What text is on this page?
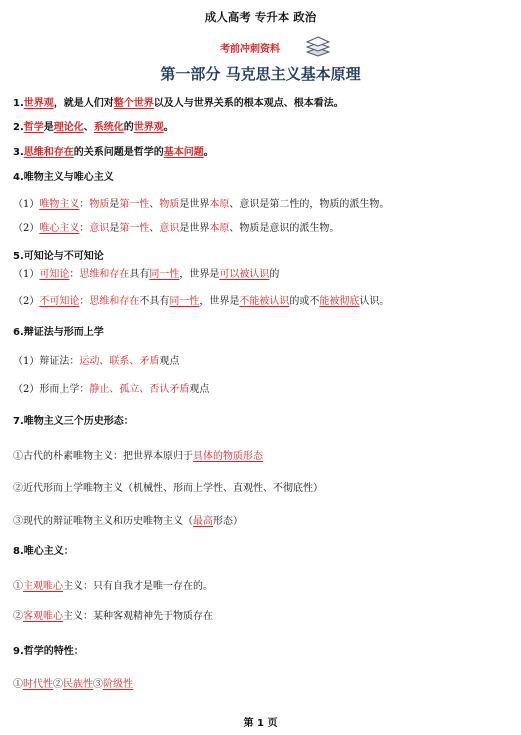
成人高考 专升本 政治
考前冲刺资料
第一部分 马克思主义基本原理
1.世界观，就是人们对整个世界以及人与世界关系的根本观点、根本看法。
2.哲学是理论化、系统化的世界观。
3.思维和存在的关系问题是哲学的基本问题。
4.唯物主义与唯心主义
（1）唯物主义：物质是第一性、物质是世界本原、意识是第二性的，物质的派生物。
（2）唯心主义：意识是第一性、意识是世界本原、物质是意识的派生物。
5.可知论与不可知论
（1）可知论：思维和存在具有同一性，世界是可以被认识的
（2）不可知论：思维和存在不具有同一性，世界是不能被认识的或不能被彻底认识。
6.辩证法与形而上学
（1）辩证法：运动、联系、矛盾观点
（2）形而上学：静止、孤立、否认矛盾观点
7.唯物主义三个历史形态：
①古代的朴素唯物主义：把世界本原归于具体的物质形态
②近代形而上学唯物主义（机械性、形而上学性、直观性、不彻底性）
③现代的辩证唯物主义和历史唯物主义（最高形态）
8.唯心主义：
①主观唯心主义：只有自我才是唯一存在的。
②客观唯心主义：某种客观精神先于物质存在
9.哲学的特性：
①时代性②民族性③阶级性
第 1 页
